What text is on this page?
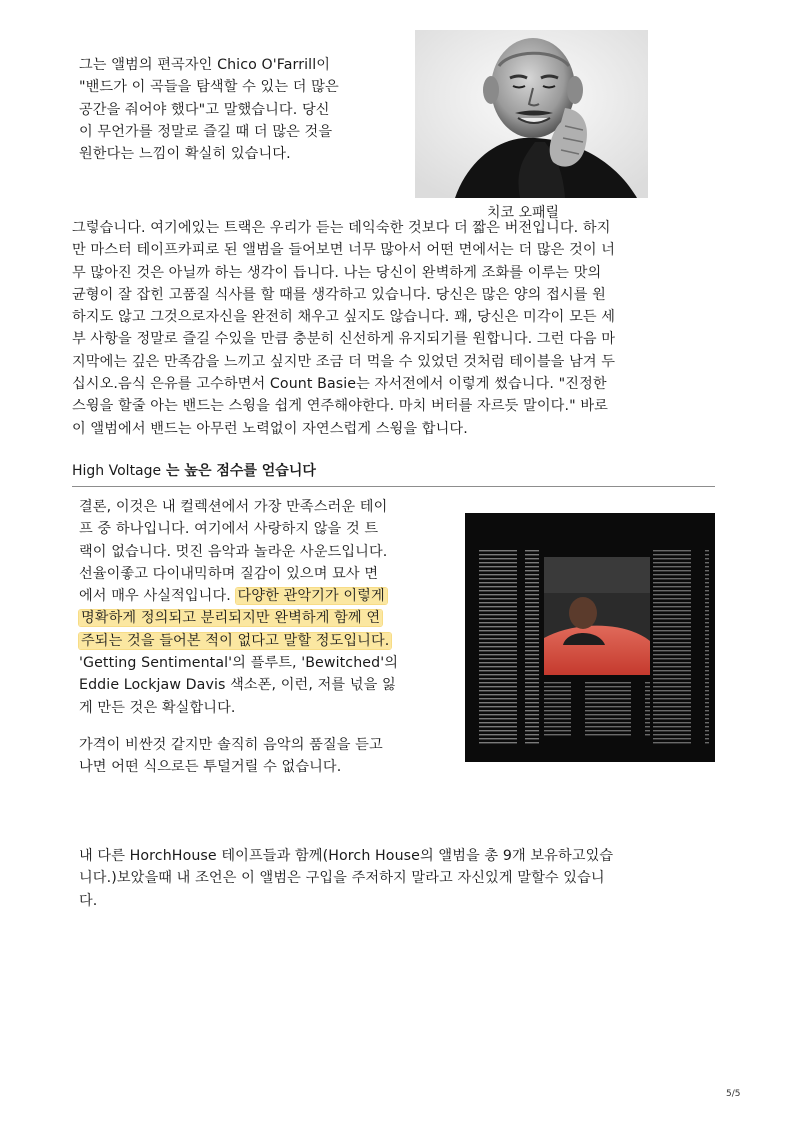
그는 앨범의 편곡자인 Chico O'Farrill이
"밴드가 이 곡들을 탐색할 수 있는 더 많은
공간을 줘어야 했다"고 말했습니다. 당신
이 무언가를 정말로 즐길 때 더 많은 것을
원한다는 느낌이 확실히 있습니다.
치코 오패릴
그렇습니다. 여기에있는 트랙은 우리가 듣는 데익숙한 것보다 더 짧은 버전입니다. 하지
만 마스터 테이프카피로 된 앨범을 들어보면 너무 많아서 어떤 면에서는 더 많은 것이 너
무 많아진 것은 아닐까 하는 생각이 듭니다. 나는 당신이 완벽하게 조화를 이루는 맛의
균형이 잘 잡힌 고품질 식사를 할 때를 생각하고 있습니다. 당신은 많은 양의 접시를 원
하지도 않고 그것으로자신을 완전히 채우고 싶지도 않습니다. 꽤, 당신은 미각이 모든 세
부 사항을 정말로 즐길 수있을 만큼 충분히 신선하게 유지되기를 원합니다. 그런 다음 마
지막에는 깊은 만족감을 느끼고 싶지만 조금 더 먹을 수 있었던 것처럼 테이블을 남겨 두
십시오.음식 은유를 고수하면서 Count Basie는 자서전에서 이렇게 썼습니다. "진정한
스윙을 할줄 아는 밴드는 스윙을 쉽게 연주해야한다. 마치 버터를 자르듯 말이다." 바로
이 앨범에서 밴드는 아무런 노력없이 자연스럽게 스윙을 합니다.
High Voltage 는 높은 점수를 얻습니다
결론, 이것은 내 컬렉션에서 가장 만족스러운 테이
프 중 하나입니다. 여기에서 사랑하지 않을 것 트
랙이 없습니다. 멋진 음악과 놀라운 사운드입니다.
선율이좋고 다이내믹하며 질감이 있으며 묘사 면
에서 매우 사실적입니다. 다양한 관악기가 이렇게
명확하게 정의되고 분리되지만 완벽하게 함께 연
주되는 것을 들어본 적이 없다고 말할 정도입니다.
'Getting Sentimental'의 플루트, 'Bewitched'의
Eddie Lockjaw Davis 색소폰, 이런, 저를 넋을 잃
게 만든 것은 확실합니다.
가격이 비싼것 같지만 솔직히 음악의 품질을 듣고
나면 어떤 식으로든 투덜거릴 수 없습니다.
내 다른 HorchHouse 테이프들과 함께(Horch House의 앨범을 총 9개 보유하고있습
니다.)보았을때 내 조언은 이 앨범은 구입을 주저하지 말라고 자신있게 말할수 있습니
다.
5/5
